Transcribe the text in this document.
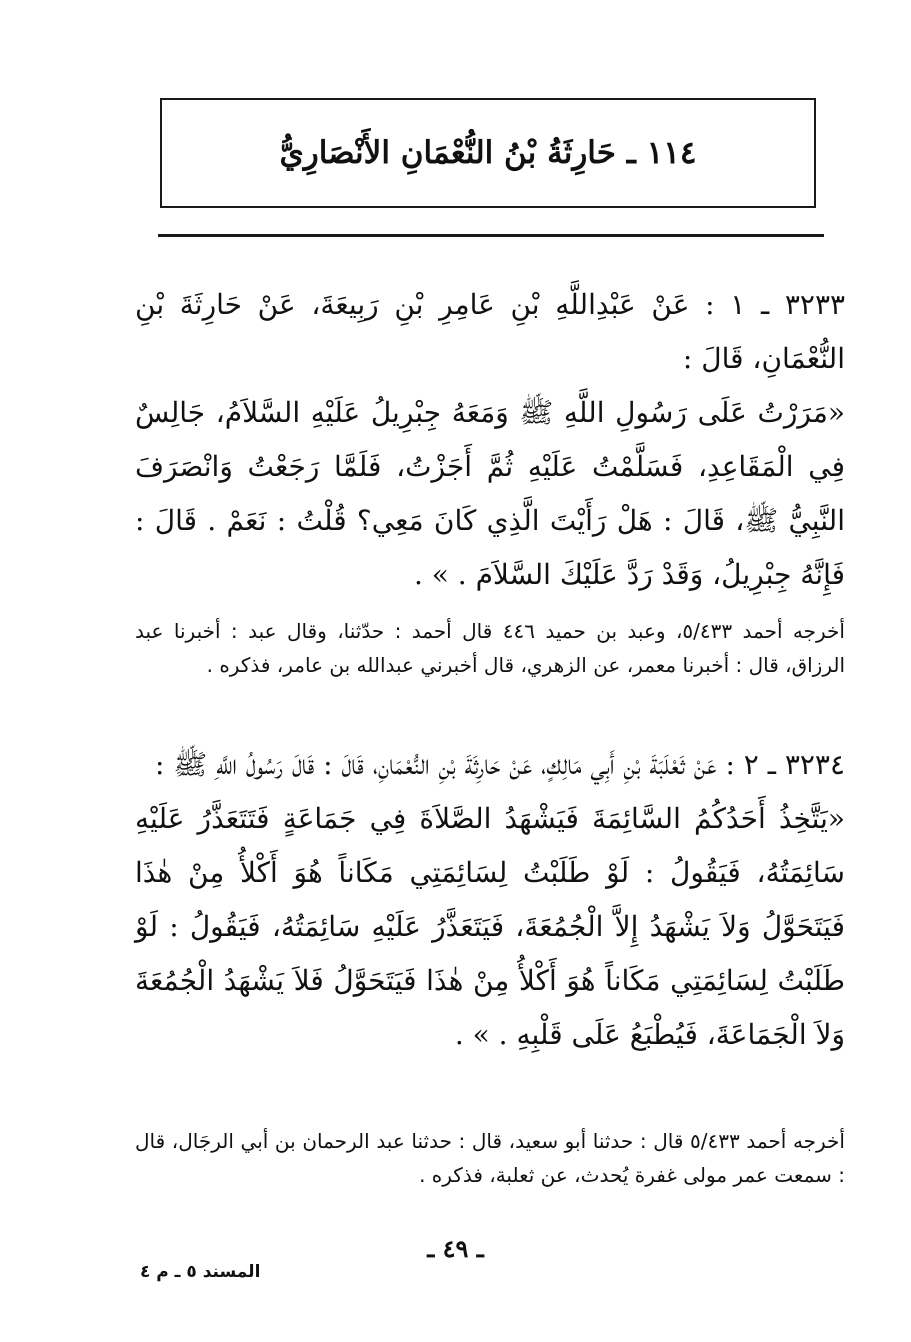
١١٤ ـ حَارِثَةُ بْنُ النُّعْمَانِ الأَنْصَارِيُّ

٣٢٣٣ ـ ١ : عَنْ عَبْدِاللَّهِ بْنِ عَامِرِ بْنِ رَبِيعَةَ، عَنْ حَارِثَةَ بْنِ النُّعْمَانِ، قَالَ :

«مَرَرْتُ عَلَى رَسُولِ اللَّهِ ﷺ وَمَعَهُ جِبْرِيلُ عَلَيْهِ السَّلاَمُ، جَالِسٌ فِي الْمَقَاعِدِ، فَسَلَّمْتُ عَلَيْهِ ثُمَّ أَجَزْتُ، فَلَمَّا رَجَعْتُ وَانْصَرَفَ النَّبِيُّ ﷺ، قَالَ : هَلْ رَأَيْتَ الَّذِي كَانَ مَعِي؟ قُلْتُ : نَعَمْ . قَالَ : فَإِنَّهُ جِبْرِيلُ، وَقَدْ رَدَّ عَلَيْكَ السَّلاَمَ . » .

أخرجه أحمد ٥/٤٣٣، وعبد بن حميد ٤٤٦ قال أحمد : حدّثنا، وقال عبد : أخبرنا عبد الرزاق، قال : أخبرنا معمر، عن الزهري، قال أخبرني عبدالله بن عامر، فذكره .

٣٢٣٤ ـ ٢ : عَنْ ثَعْلَبَةَ بْنِ أَبِي مَالِكٍ، عَنْ حَارِثَةَ بْنِ النُّعْمَانِ، قَالَ : قَالَ رَسُولُ اللَّهِ ﷺ :

«يَتَّخِذُ أَحَدُكُمُ السَّائِمَةَ فَيَشْهَدُ الصَّلاَةَ فِي جَمَاعَةٍ فَتَتَعَذَّرُ عَلَيْهِ سَائِمَتُهُ، فَيَقُولُ : لَوْ طَلَبْتُ لِسَائِمَتِي مَكَاناً هُوَ أَكْلأُ مِنْ هٰذَا فَيَتَحَوَّلُ وَلاَ يَشْهَدُ إِلاَّ الْجُمُعَةَ، فَيَتَعَذَّرُ عَلَيْهِ سَائِمَتُهُ، فَيَقُولُ : لَوْ طَلَبْتُ لِسَائِمَتِي مَكَاناً هُوَ أَكْلأُ مِنْ هٰذَا فَيَتَحَوَّلُ فَلاَ يَشْهَدُ الْجُمُعَةَ وَلاَ الْجَمَاعَةَ، فَيُطْبَعُ عَلَى قَلْبِهِ . » .

أخرجه أحمد ٥/٤٣٣ قال : حدثنا أبو سعيد، قال : حدثنا عبد الرحمان بن أبي الرجَال، قال : سمعت عمر مولى غفرة يُحدث، عن ثعلبة، فذكره .

ـ ٤٩ ـ
المسند ٥ ـ م ٤
